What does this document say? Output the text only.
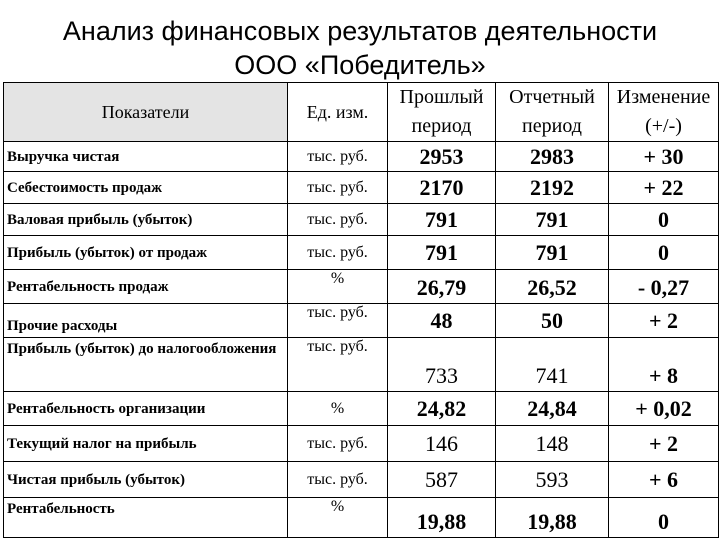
Анализ финансовых результатов деятельности
ООО «Победитель»
Показатели	Ед. изм.	Прошлый период	Отчетный период	Изменение (+/-)
Выручка чистая	тыс. руб.	2953	2983	+ 30
Себестоимость продаж	тыс. руб.	2170	2192	+ 22
Валовая прибыль (убыток)	тыс. руб.	791	791	0
Прибыль (убыток) от продаж	тыс. руб.	791	791	0
Рентабельность продаж	%	26,79	26,52	- 0,27
Прочие расходы	тыс. руб.	48	50	+ 2
Прибыль (убыток) до налогообложения	тыс. руб.	733	741	+ 8
Рентабельность организации	%	24,82	24,84	+ 0,02
Текущий налог на прибыль	тыс. руб.	146	148	+ 2
Чистая прибыль (убыток)	тыс. руб.	587	593	+ 6
Рентабельность	%	19,88	19,88	0
